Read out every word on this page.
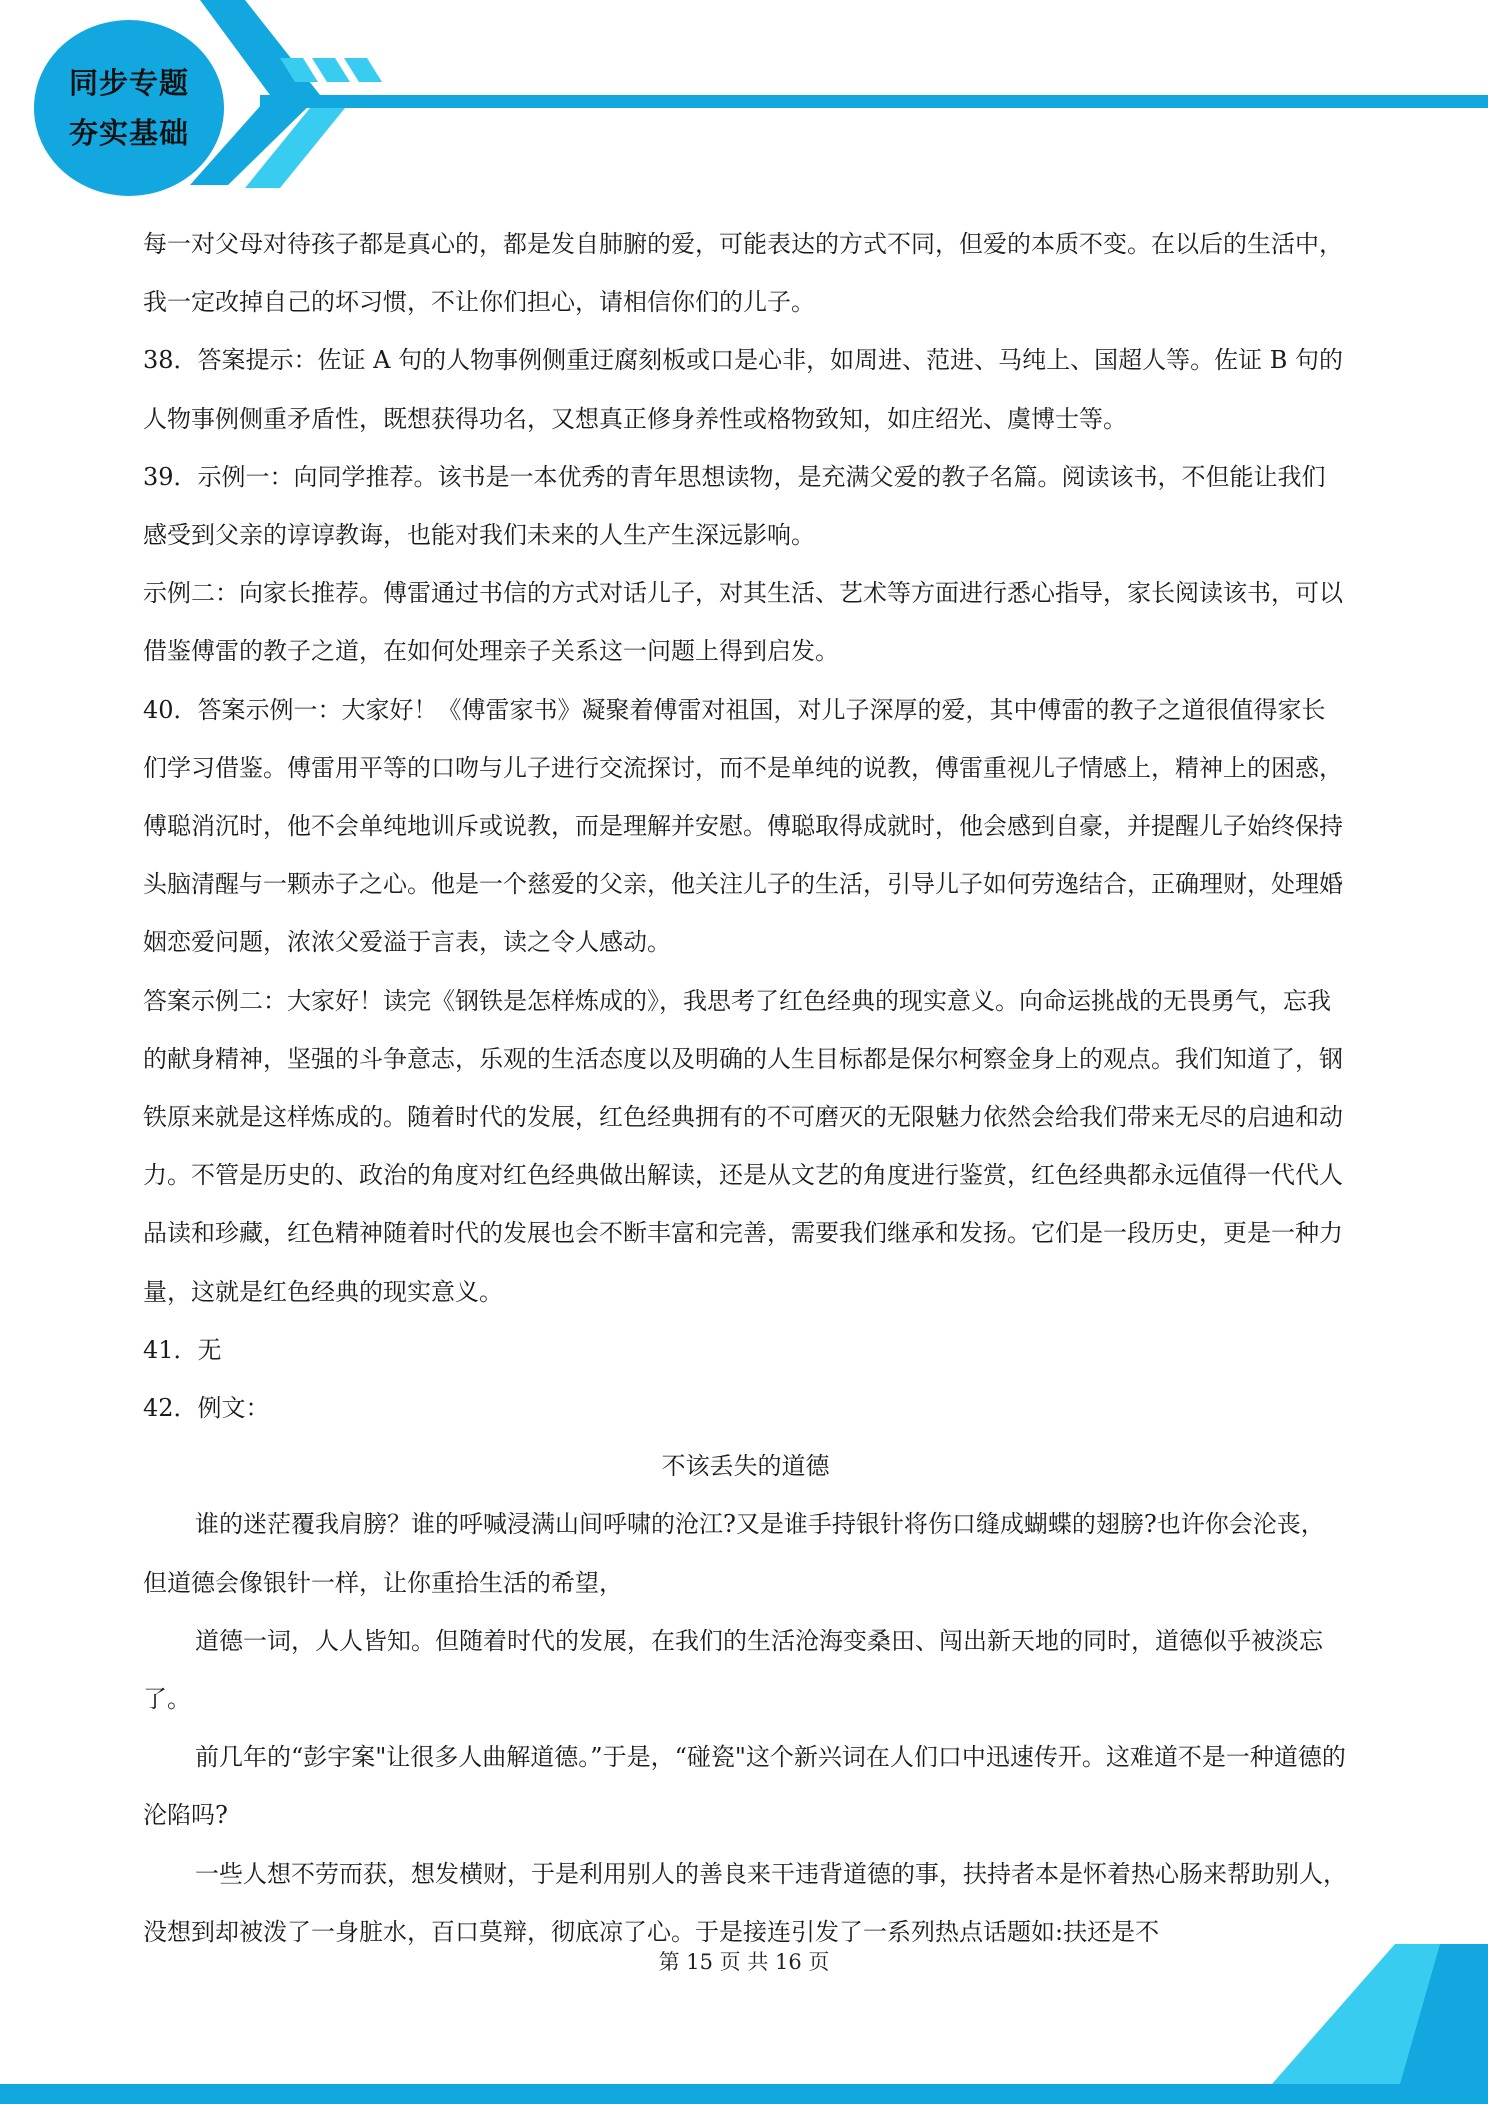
同步专题
夯实基础

每一对父母对待孩子都是真心的，都是发自肺腑的爱，可能表达的方式不同，但爱的本质不变。在以后的生活中，我一定改掉自己的坏习惯，不让你们担心，请相信你们的儿子。

38．答案提示：佐证 A 句的人物事例侧重迂腐刻板或口是心非，如周进、范进、马纯上、国超人等。佐证 B 句的人物事例侧重矛盾性，既想获得功名，又想真正修身养性或格物致知，如庄绍光、虞博士等。

39．示例一：向同学推荐。该书是一本优秀的青年思想读物，是充满父爱的教子名篇。阅读该书，不但能让我们感受到父亲的谆谆教诲，也能对我们未来的人生产生深远影响。

示例二：向家长推荐。傅雷通过书信的方式对话儿子，对其生活、艺术等方面进行悉心指导，家长阅读该书，可以借鉴傅雷的教子之道，在如何处理亲子关系这一问题上得到启发。

40．答案示例一：大家好！《傅雷家书》凝聚着傅雷对祖国，对儿子深厚的爱，其中傅雷的教子之道很值得家长们学习借鉴。傅雷用平等的口吻与儿子进行交流探讨，而不是单纯的说教，傅雷重视儿子情感上，精神上的困惑，傅聪消沉时，他不会单纯地训斥或说教，而是理解并安慰。傅聪取得成就时，他会感到自豪，并提醒儿子始终保持头脑清醒与一颗赤子之心。他是一个慈爱的父亲，他关注儿子的生活，引导儿子如何劳逸结合，正确理财，处理婚姻恋爱问题，浓浓父爱溢于言表，读之令人感动。

答案示例二：大家好！读完《钢铁是怎样炼成的》，我思考了红色经典的现实意义。向命运挑战的无畏勇气，忘我的献身精神，坚强的斗争意志，乐观的生活态度以及明确的人生目标都是保尔柯察金身上的观点。我们知道了，钢铁原来就是这样炼成的。随着时代的发展，红色经典拥有的不可磨灭的无限魅力依然会给我们带来无尽的启迪和动力。不管是历史的、政治的角度对红色经典做出解读，还是从文艺的角度进行鉴赏，红色经典都永远值得一代代人品读和珍藏，红色精神随着时代的发展也会不断丰富和完善，需要我们继承和发扬。它们是一段历史，更是一种力量，这就是红色经典的现实意义。

41．无

42．例文：

不该丢失的道德

谁的迷茫覆我肩膀？谁的呼喊浸满山间呼啸的沧江?又是谁手持银针将伤口缝成蝴蝶的翅膀?也许你会沦丧，但道德会像银针一样，让你重拾生活的希望，

道德一词，人人皆知。但随着时代的发展，在我们的生活沧海变桑田、闯出新天地的同时，道德似乎被淡忘了。

前几年的“彭宇案"让很多人曲解道德。”于是，“碰瓷"这个新兴词在人们口中迅速传开。这难道不是一种道德的沦陷吗?

一些人想不劳而获，想发横财，于是利用别人的善良来干违背道德的事，扶持者本是怀着热心肠来帮助别人，没想到却被泼了一身脏水，百口莫辩，彻底凉了心。于是接连引发了一系列热点话题如:扶还是不

第 15 页 共 16 页
